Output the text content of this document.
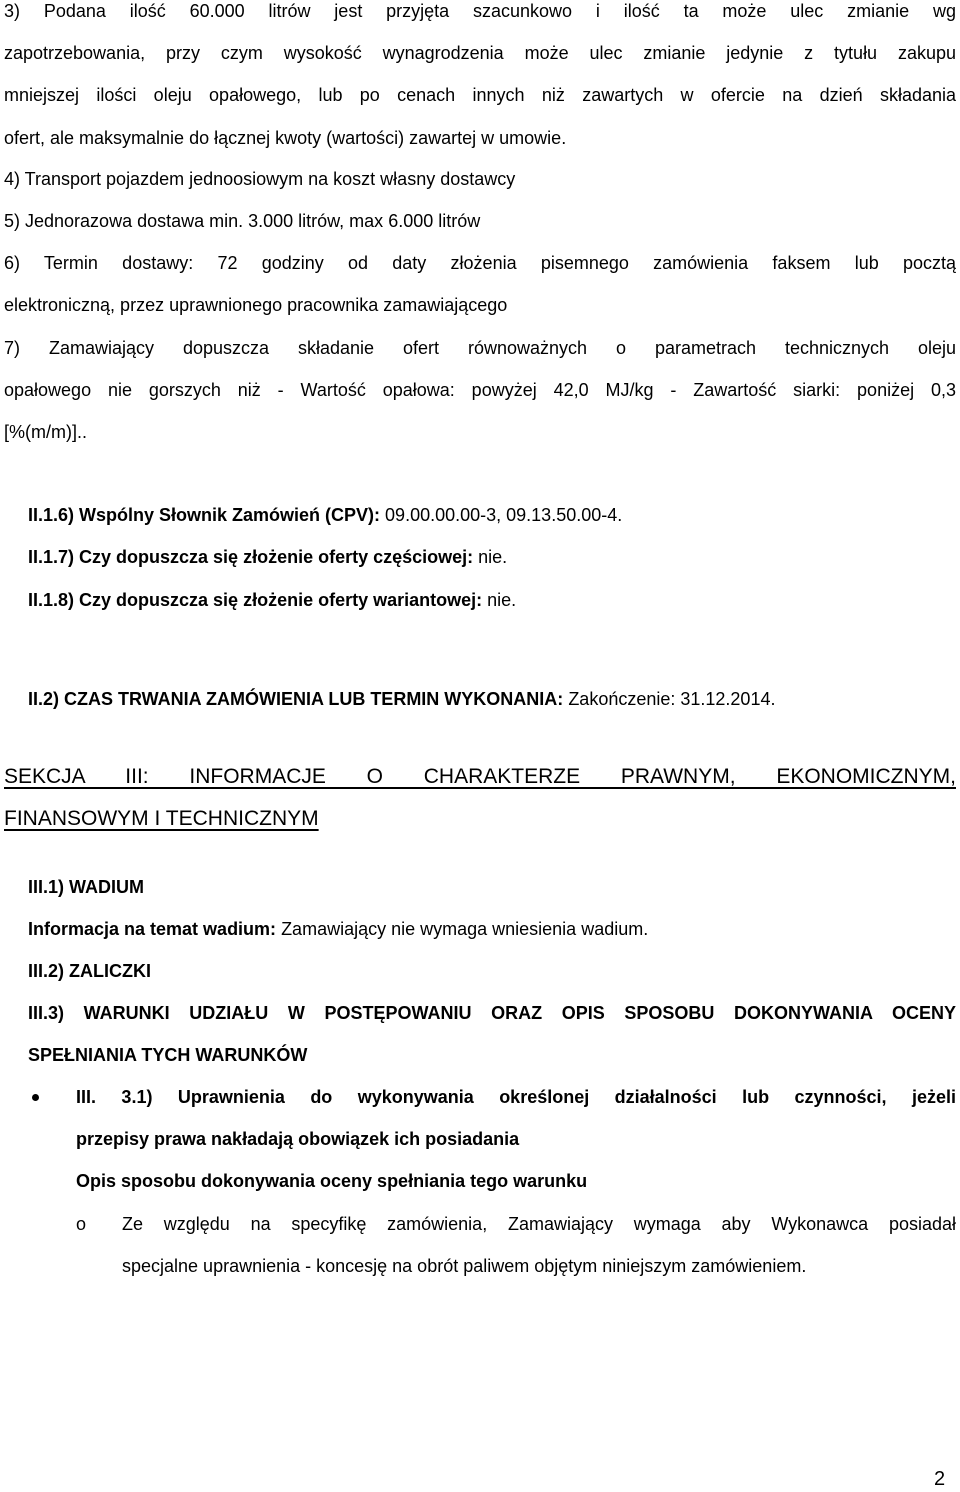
3) Podana ilość 60.000 litrów jest przyjęta szacunkowo i ilość ta może ulec zmianie wg
zapotrzebowania, przy czym wysokość wynagrodzenia może ulec zmianie jedynie z tytułu zakupu
mniejszej ilości oleju opałowego, lub po cenach innych niż zawartych w ofercie na dzień składania
ofert, ale maksymalnie do łącznej kwoty (wartości) zawartej w umowie.
4) Transport pojazdem jednoosiowym na koszt własny dostawcy
5) Jednorazowa dostawa min. 3.000 litrów, max 6.000 litrów
6) Termin dostawy: 72 godziny od daty złożenia pisemnego zamówienia faksem lub pocztą
elektroniczną, przez uprawnionego pracownika zamawiającego
7) Zamawiający dopuszcza składanie ofert równoważnych o parametrach technicznych oleju
opałowego nie gorszych niż - Wartość opałowa: powyżej 42,0 MJ/kg - Zawartość siarki: poniżej 0,3
[%(m/m)]..
II.1.6) Wspólny Słownik Zamówień (CPV): 09.00.00.00-3, 09.13.50.00-4.
II.1.7) Czy dopuszcza się złożenie oferty częściowej: nie.
II.1.8) Czy dopuszcza się złożenie oferty wariantowej: nie.
II.2) CZAS TRWANIA ZAMÓWIENIA LUB TERMIN WYKONANIA: Zakończenie: 31.12.2014.
SEKCJA III: INFORMACJE O CHARAKTERZE PRAWNYM, EKONOMICZNYM,
FINANSOWYM I TECHNICZNYM
III.1) WADIUM
Informacja na temat wadium: Zamawiający nie wymaga wniesienia wadium.
III.2) ZALICZKI
III.3) WARUNKI UDZIAŁU W POSTĘPOWANIU ORAZ OPIS SPOSOBU DOKONYWANIA OCENY
SPEŁNIANIA TYCH WARUNKÓW
III. 3.1) Uprawnienia do wykonywania określonej działalności lub czynności, jeżeli
przepisy prawa nakładają obowiązek ich posiadania
Opis sposobu dokonywania oceny spełniania tego warunku
o Ze względu na specyfikę zamówienia, Zamawiający wymaga aby Wykonawca posiadał
specjalne uprawnienia - koncesję na obrót paliwem objętym niniejszym zamówieniem.
2
